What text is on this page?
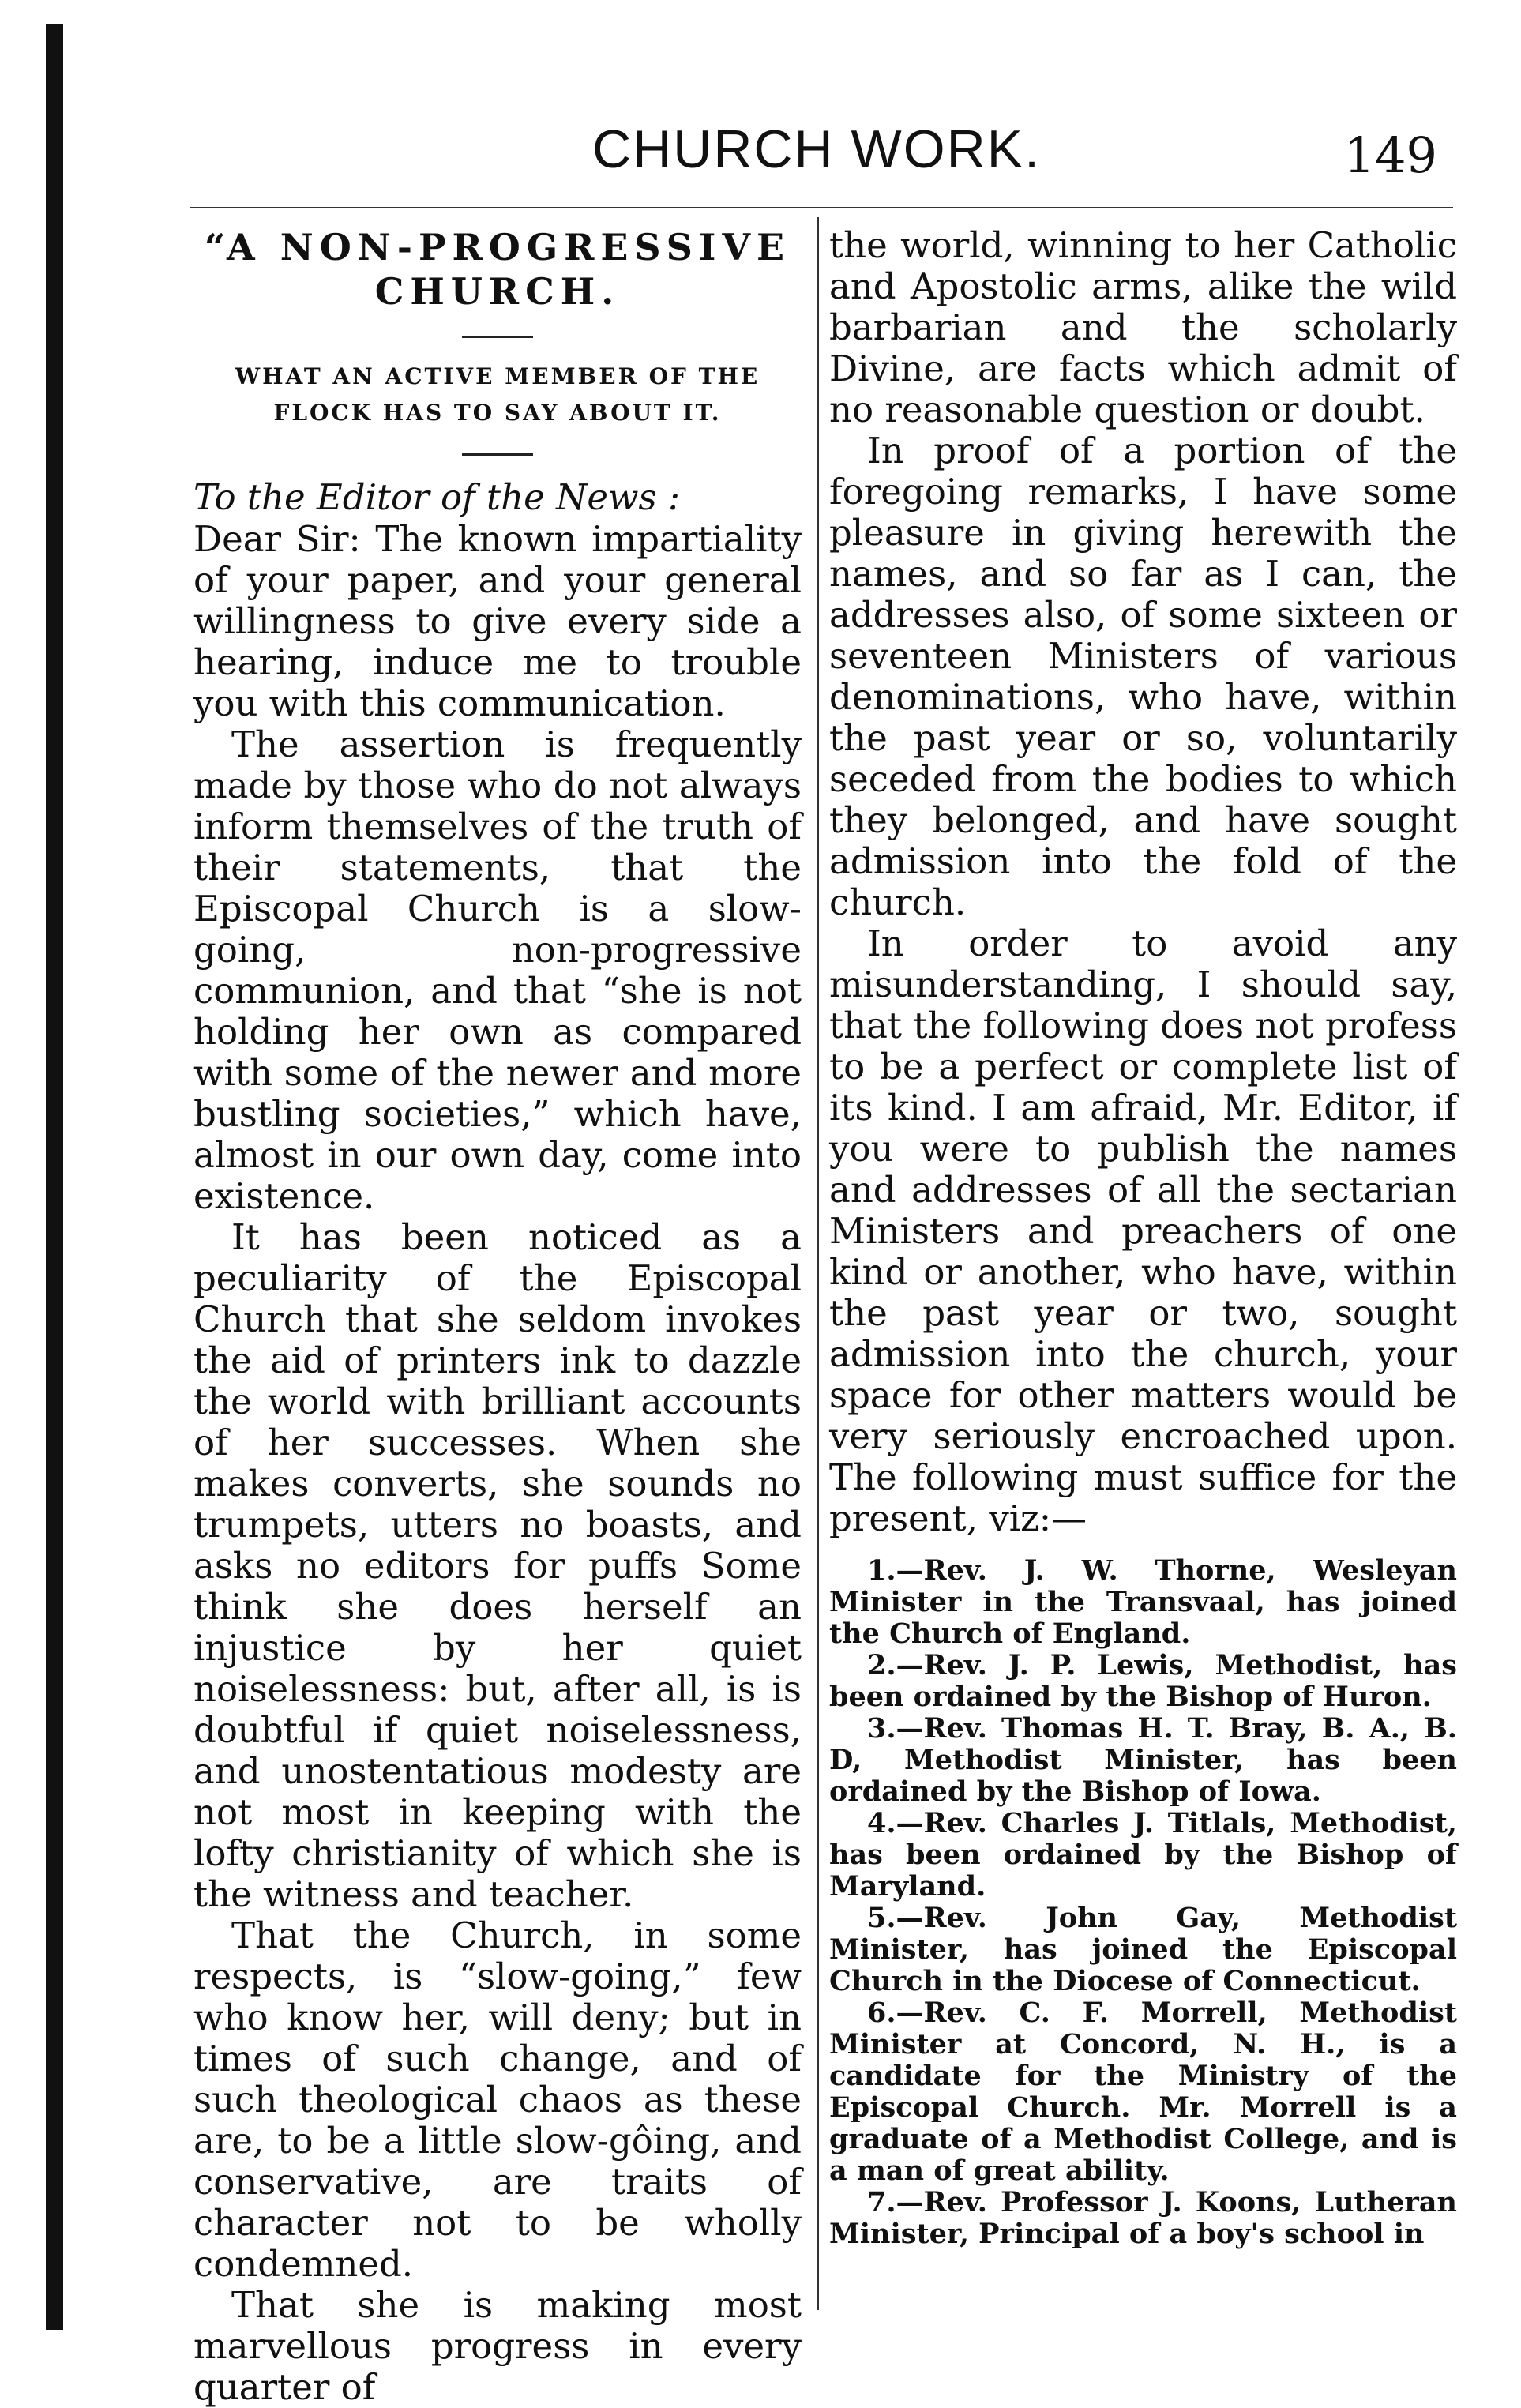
CHURCH WORK.	149
“A NON-PROGRESSIVE CHURCH.

WHAT AN ACTIVE MEMBER OF THE FLOCK HAS TO SAY ABOUT IT.

To the Editor of the News :

Dear Sir: The known impartiality of your paper, and your general willingness to give every side a hearing, induce me to trouble you with this communication.

The assertion is frequently made by those who do not always inform themselves of the truth of their statements, that the Episcopal Church is a slow-going, non-progressive communion, and that “she is not holding her own as compared with some of the newer and more bustling societies,” which have, almost in our own day, come into existence.

It has been noticed as a peculiarity of the Episcopal Church that she seldom invokes the aid of printers ink to dazzle the world with brilliant accounts of her successes. When she makes converts, she sounds no trumpets, utters no boasts, and asks no editors for puffs Some think she does herself an injustice by her quiet noiselessness: but, after all, is is doubtful if quiet noiselessness, and unostentatious modesty are not most in keeping with the lofty christianity of which she is the witness and teacher.

That the Church, in some respects, is “slow-going,” few who know her, will deny; but in times of such change, and of such theological chaos as these are, to be a little slow-gôing, and conservative, are traits of character not to be wholly condemned.

That she is making most marvellous progress in every quarter of

the world, winning to her Catholic and Apostolic arms, alike the wild barbarian and the scholarly Divine, are facts which admit of no reasonable question or doubt.

In proof of a portion of the foregoing remarks, I have some pleasure in giving herewith the names, and so far as I can, the addresses also, of some sixteen or seventeen Ministers of various denominations, who have, within the past year or so, voluntarily seceded from the bodies to which they belonged, and have sought admission into the fold of the church.

In order to avoid any misunderstanding, I should say, that the following does not profess to be a perfect or complete list of its kind. I am afraid, Mr. Editor, if you were to publish the names and addresses of all the sectarian Ministers and preachers of one kind or another, who have, within the past year or two, sought admission into the church, your space for other matters would be very seriously encroached upon. The following must suffice for the present, viz:—

1.—Rev. J. W. Thorne, Wesleyan Minister in the Transvaal, has joined the Church of England.

2.—Rev. J. P. Lewis, Methodist, has been ordained by the Bishop of Huron.

3.—Rev. Thomas H. T. Bray, B. A., B. D, Methodist Minister, has been ordained by the Bishop of Iowa.

4.—Rev. Charles J. Titlals, Methodist, has been ordained by the Bishop of Maryland.

5.—Rev. John Gay, Methodist Minister, has joined the Episcopal Church in the Diocese of Connecticut.

6.—Rev. C. F. Morrell, Methodist Minister at Concord, N. H., is a candidate for the Ministry of the Episcopal Church. Mr. Morrell is a graduate of a Methodist College, and is a man of great ability.

7.—Rev. Professor J. Koons, Lutheran Minister, Principal of a boy's school in
